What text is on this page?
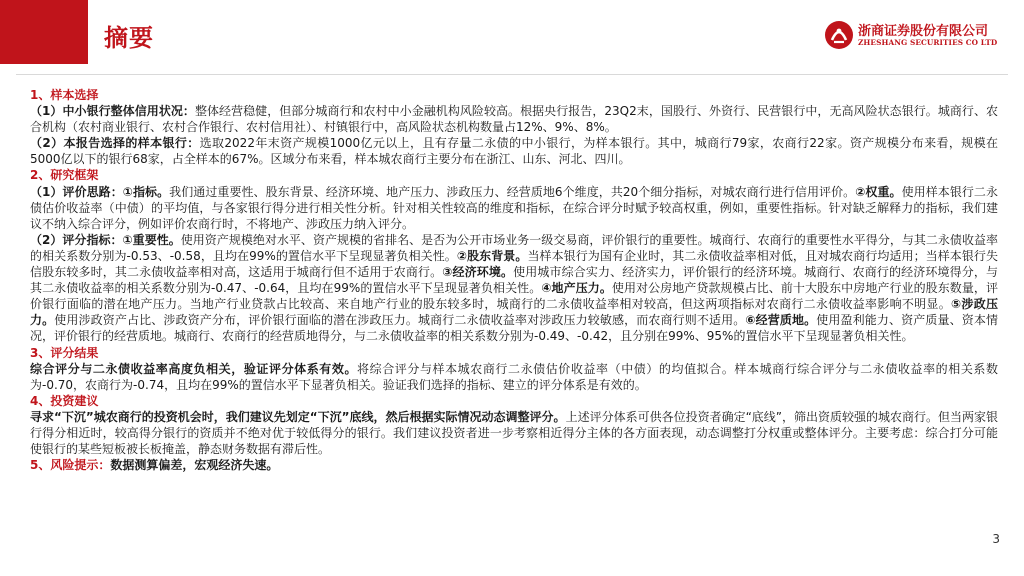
摘要	浙商证券股份有限公司
ZHESHANG SECURITIES CO LTD

1、样本选择

（1）中小银行整体信用状况：整体经营稳健，但部分城商行和农村中小金融机构风险较高。根据央行报告，23Q2末，国股行、外资行、民营银行中，无高风险状态银行。城商行、农合机构（农村商业银行、农村合作银行、农村信用社）、村镇银行中，高风险状态机构数量占12%、9%、8%。

（2）本报告选择的样本银行：选取2022年末资产规模1000亿元以上，且有存量二永债的中小银行，为样本银行。其中，城商行79家，农商行22家。资产规模分布来看，规模在5000亿以下的银行68家，占全样本的67%。区域分布来看，样本城农商行主要分布在浙江、山东、河北、四川。

2、研究框架

（1）评价思路：①指标。我们通过重要性、股东背景、经济环境、地产压力、涉政压力、经营质地6个维度，共20个细分指标，对城农商行进行信用评价。②权重。使用样本银行二永债估价收益率（中债）的平均值，与各家银行得分进行相关性分析。针对相关性较高的维度和指标，在综合评分时赋予较高权重，例如，重要性指标。针对缺乏解释力的指标，我们建议不纳入综合评分，例如评价农商行时，不将地产、涉政压力纳入评分。

（2）评分指标：①重要性。使用资产规模绝对水平、资产规模的省排名、是否为公开市场业务一级交易商，评价银行的重要性。城商行、农商行的重要性水平得分，与其二永债收益率的相关系数分别为-0.53、-0.58，且均在99%的置信水平下呈现显著负相关性。②股东背景。当样本银行为国有企业时，其二永债收益率相对低，且对城农商行均适用；当样本银行失信股东较多时，其二永债收益率相对高，这适用于城商行但不适用于农商行。③经济环境。使用城市综合实力、经济实力，评价银行的经济环境。城商行、农商行的经济环境得分，与其二永债收益率的相关系数分别为-0.47、-0.64，且均在99%的置信水平下呈现显著负相关性。④地产压力。使用对公房地产贷款规模占比、前十大股东中房地产行业的股东数量，评价银行面临的潜在地产压力。当地产行业贷款占比较高、来自地产行业的股东较多时，城商行的二永债收益率相对较高，但这两项指标对农商行二永债收益率影响不明显。⑤涉政压力。使用涉政资产占比、涉政资产分布，评价银行面临的潜在涉政压力。城商行二永债收益率对涉政压力较敏感，而农商行则不适用。⑥经营质地。使用盈利能力、资产质量、资本情况，评价银行的经营质地。城商行、农商行的经营质地得分，与二永债收益率的相关系数分别为-0.49、-0.42，且分别在99%、95%的置信水平下呈现显著负相关性。

3、评分结果

综合评分与二永债收益率高度负相关，验证评分体系有效。将综合评分与样本城农商行二永债估价收益率（中债）的均值拟合。样本城商行综合评分与二永债收益率的相关系数为-0.70，农商行为-0.74，且均在99%的置信水平下显著负相关。验证我们选择的指标、建立的评分体系是有效的。

4、投资建议

寻求“下沉”城农商行的投资机会时，我们建议先划定“下沉”底线，然后根据实际情况动态调整评分。上述评分体系可供各位投资者确定“底线”，筛出资质较强的城农商行。但当两家银行得分相近时，较高得分银行的资质并不绝对优于较低得分的银行。我们建议投资者进一步考察相近得分主体的各方面表现，动态调整打分权重或整体评分。主要考虑：综合打分可能使银行的某些短板被长板掩盖，静态财务数据有滞后性。

5、风险提示：数据测算偏差，宏观经济失速。

3
